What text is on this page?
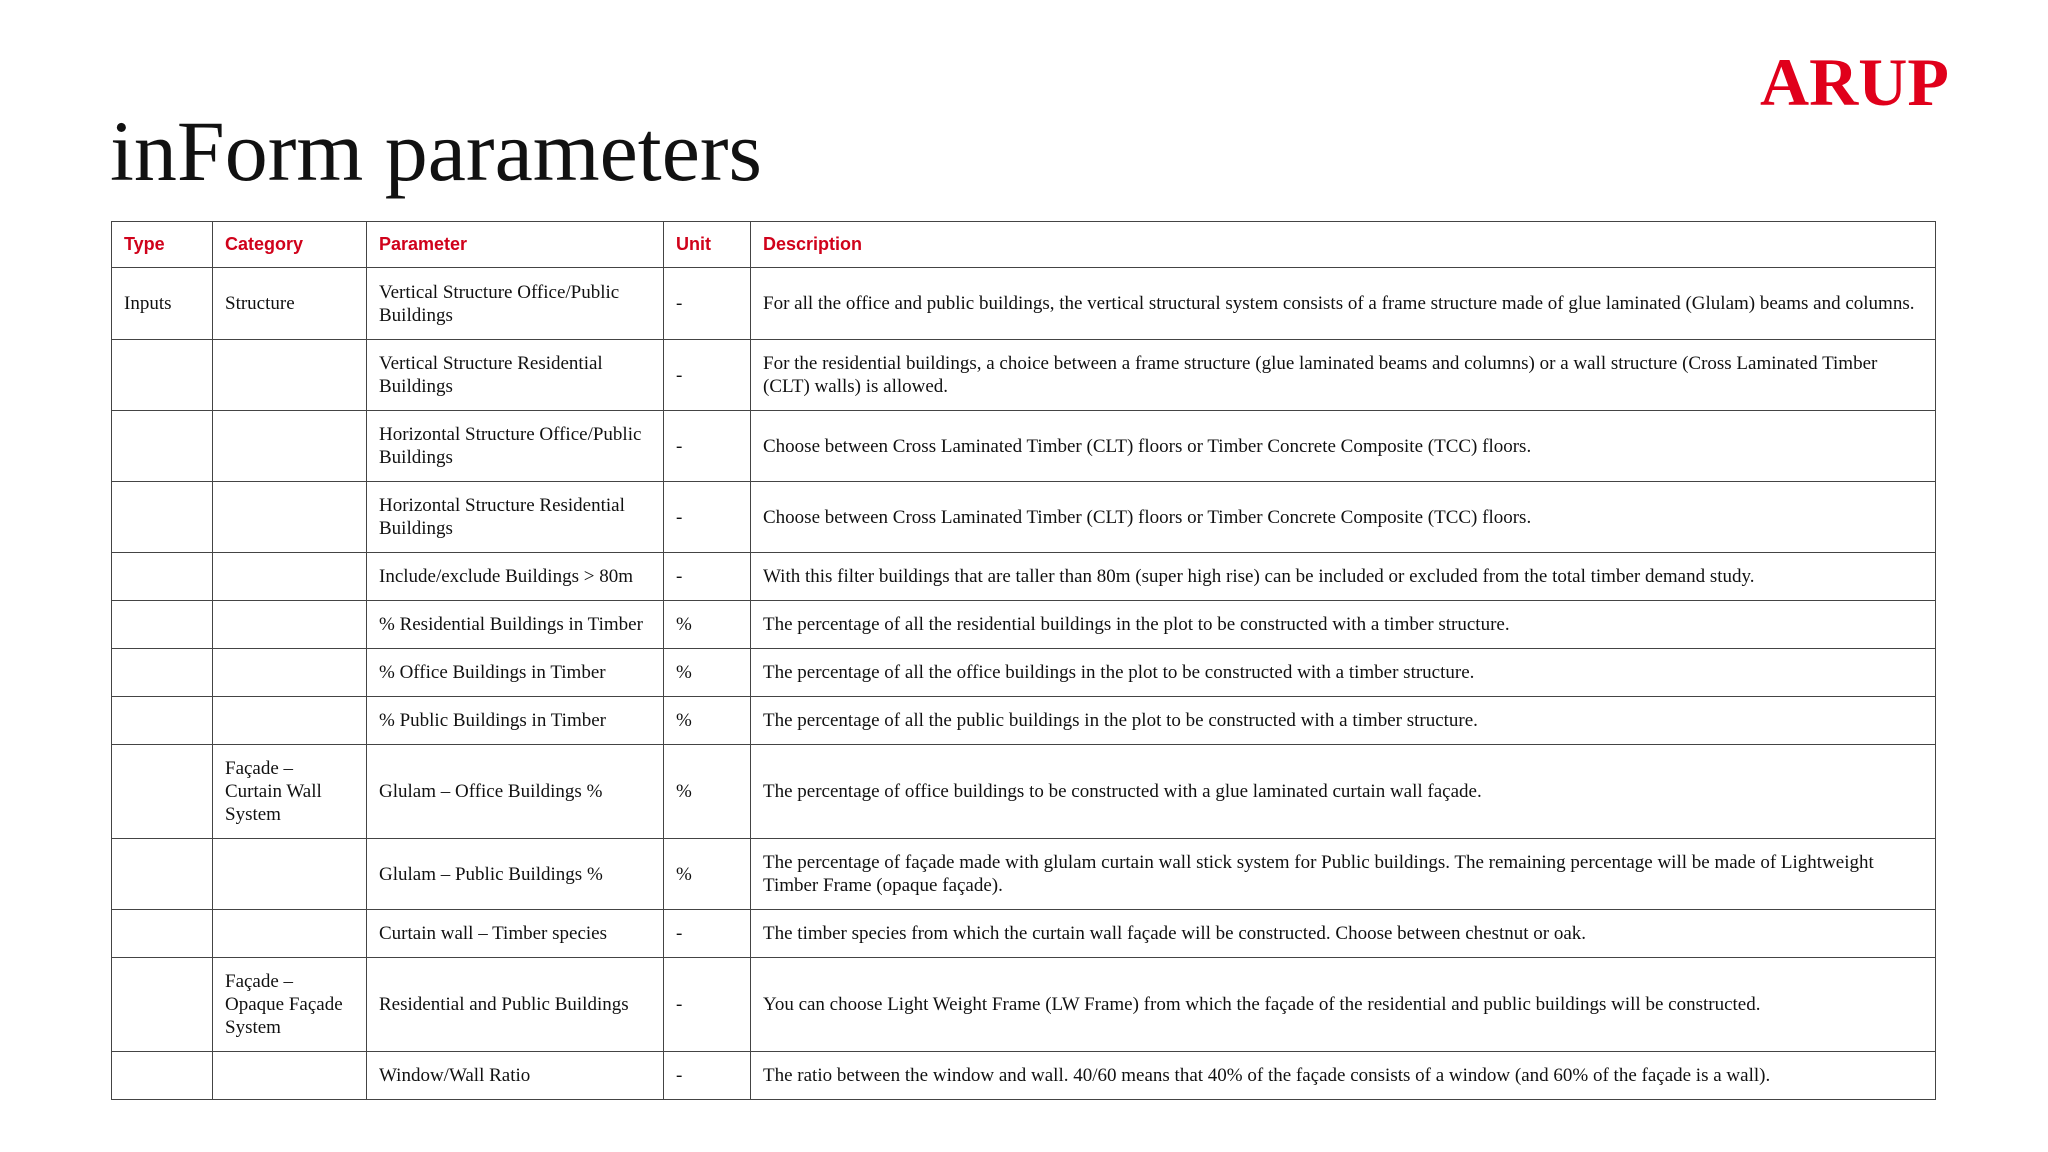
ARUP
inForm parameters
Type	Category	Parameter	Unit	Description
Inputs	Structure	Vertical Structure Office/Public Buildings	-	For all the office and public buildings, the vertical structural system consists of a frame structure made of glue laminated (Glulam) beams and columns.
		Vertical Structure Residential Buildings	-	For the residential buildings, a choice between a frame structure (glue laminated beams and columns) or a wall structure (Cross Laminated Timber (CLT) walls) is allowed.
		Horizontal Structure Office/Public Buildings	-	Choose between Cross Laminated Timber (CLT) floors or Timber Concrete Composite (TCC) floors.
		Horizontal Structure Residential Buildings	-	Choose between Cross Laminated Timber (CLT) floors or Timber Concrete Composite (TCC) floors.
		Include/exclude Buildings > 80m	-	With this filter buildings that are taller than 80m (super high rise) can be included or excluded from the total timber demand study.
		% Residential Buildings in Timber	%	The percentage of all the residential buildings in the plot to be constructed with a timber structure.
		% Office Buildings in Timber	%	The percentage of all the office buildings in the plot to be constructed with a timber structure.
		% Public Buildings in Timber	%	The percentage of all the public buildings in the plot to be constructed with a timber structure.
	Façade – Curtain Wall System	Glulam – Office Buildings %	%	The percentage of office buildings to be constructed with a glue laminated curtain wall façade.
		Glulam – Public Buildings %	%	The percentage of façade made with glulam curtain wall stick system for Public buildings. The remaining percentage will be made of Lightweight Timber Frame (opaque façade).
		Curtain wall – Timber species	-	The timber species from which the curtain wall façade will be constructed. Choose between chestnut or oak.
	Façade – Opaque Façade System	Residential and Public Buildings	-	You can choose Light Weight Frame (LW Frame) from which the façade of the residential and public buildings will be constructed.
		Window/Wall Ratio	-	The ratio between the window and wall. 40/60 means that 40% of the façade consists of a window (and 60% of the façade is a wall).
